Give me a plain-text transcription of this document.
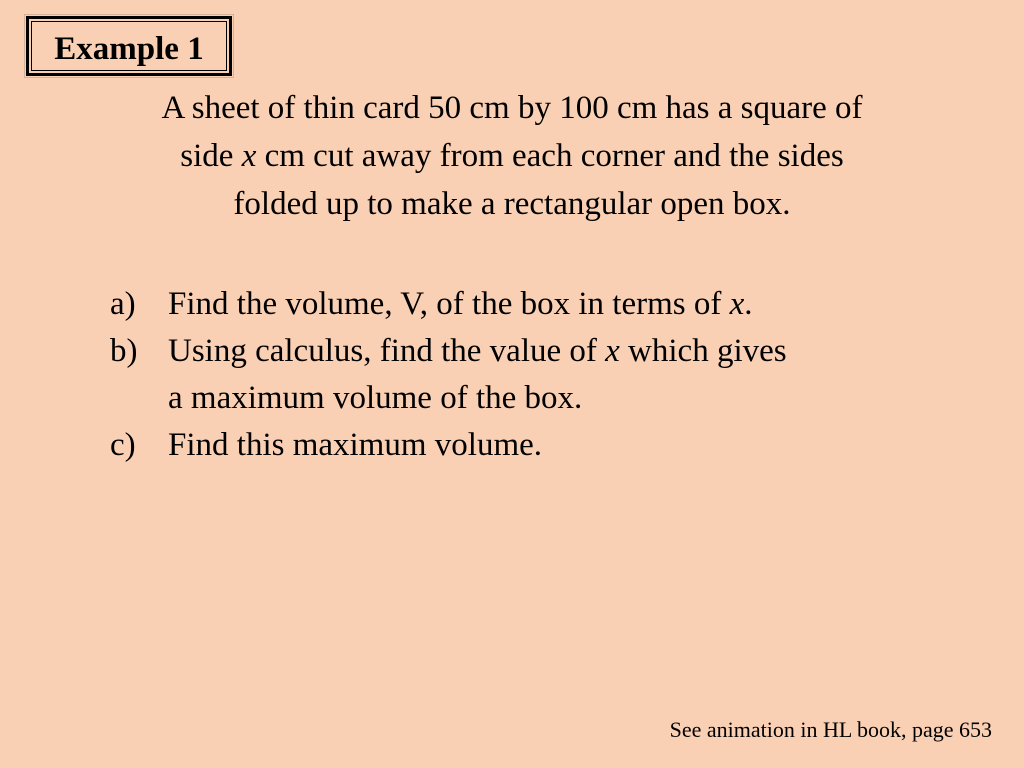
Example 1
A sheet of thin card 50 cm by 100 cm has a square of
side x cm cut away from each corner and the sides
folded up to make a rectangular open box.
a) Find the volume, V, of the box in terms of x.
b) Using calculus, find the value of x which gives
a maximum volume of the box.
c) Find this maximum volume.
See animation in HL book, page 653
